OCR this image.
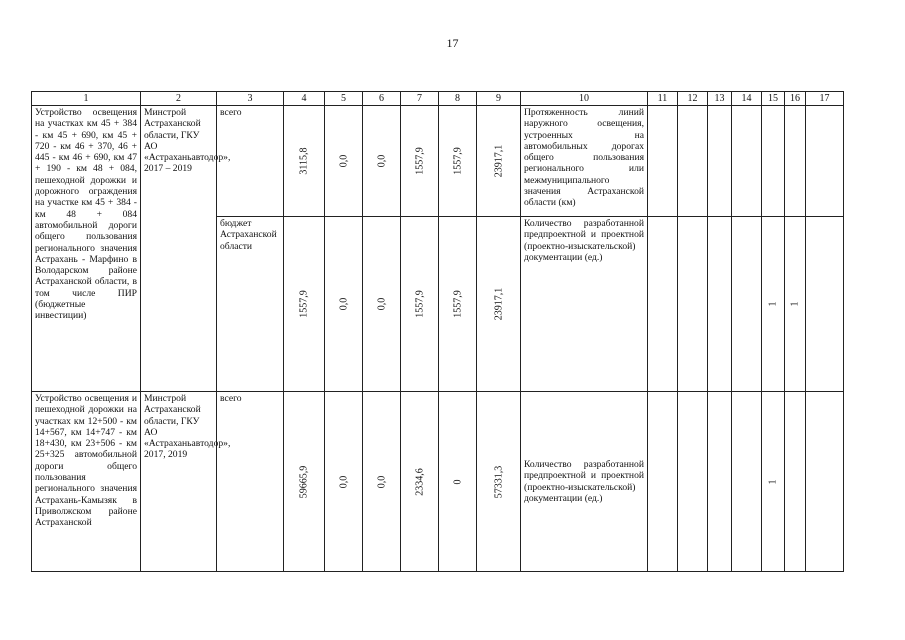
17
1	2	3	4	5	6	7	8	9	10	11	12	13	14	15	16	17
Устройство освещения на участках км 45 + 384 - км 45 + 690, км 45 + 720 - км 46 + 370, 46 + 445 - км 46 + 690, км 47 + 190 - км 48 + 084, пешеходной дорожки и дорожного ограждения на участке км 45 + 384 - км 48 + 084 автомобильной дороги общего пользования регионального значения Астрахань - Марфино в Володарском районе Астраханской области, в том числе ПИР (бюджетные инвестиции)	Минстрой Астраханской области, ГКУ АО «Астраханьавтодор», 2017 – 2019	всего	3115,8	0,0	0,0	1557,9	1557,9	23917,1	Протяженность линий наружного освещения, устроенных на автомобильных дорогах общего пользования регионального или межмуниципального значения Астраханской области (км)							
		бюджет Астраханской области	1557,9	0,0	0,0	1557,9	1557,9	23917,1	Количество разработанной предпроектной и проектной (проектно-изыскательской) документации (ед.)					1	1	

Устройство освещения и пешеходной дорожки на участках км 12+500 - км 14+567, км 14+747 - км 18+430, км 23+506 - км 25+325 автомобильной дороги общего пользования регионального значения Астрахань-Камызяк в Приволжском районе Астраханской	Минстрой Астраханской области, ГКУ АО «Астраханьавтодор», 2017, 2019	всего	59665,9	0,0	0,0	2334,6	0	57331,3	Количество разработанной предпроектной и проектной (проектно-изыскательской) документации (ед.)					1		
